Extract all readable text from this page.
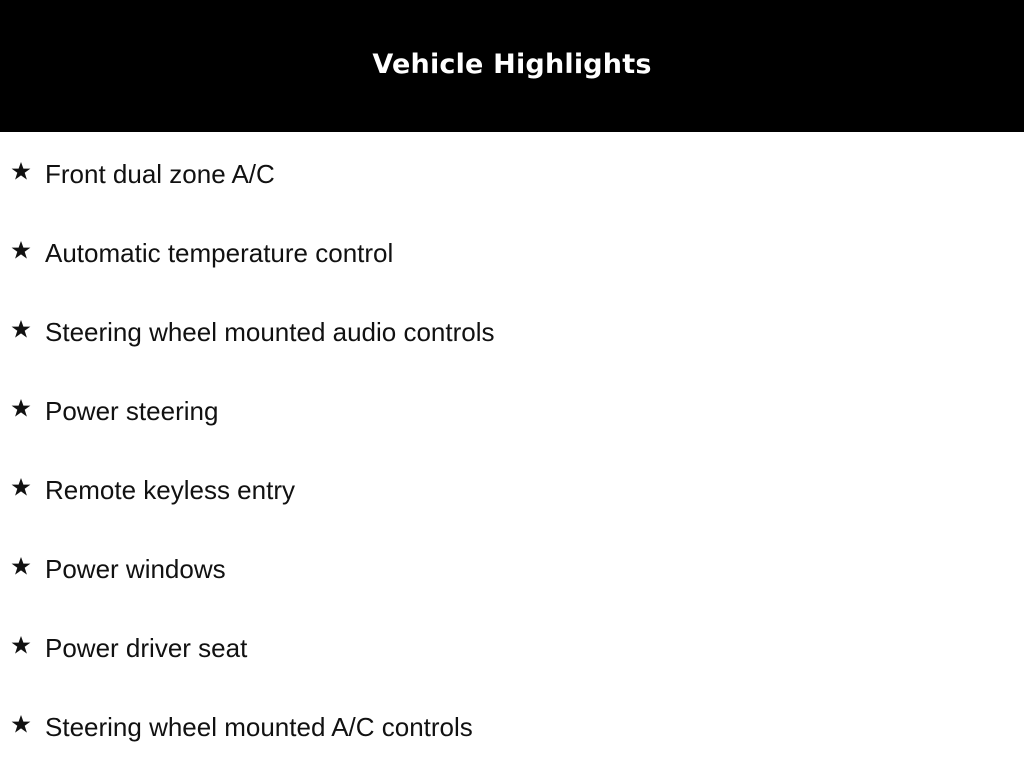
Vehicle Highlights
Front dual zone A/C
Automatic temperature control
Steering wheel mounted audio controls
Power steering
Remote keyless entry
Power windows
Power driver seat
Steering wheel mounted A/C controls
